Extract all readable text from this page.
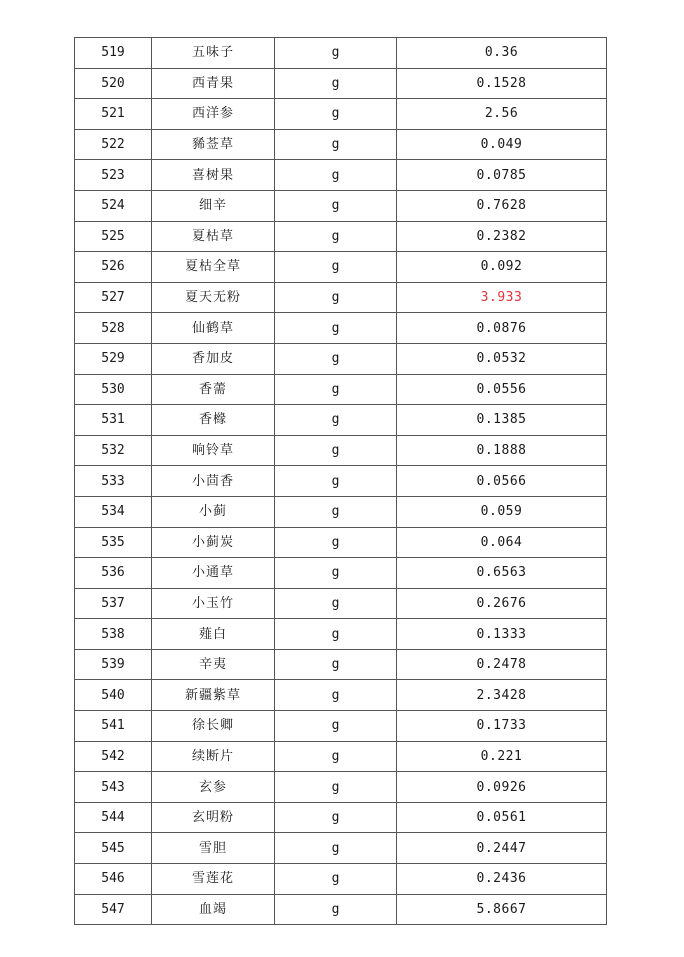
519	五味子	g	0.36
520	西青果	g	0.1528
521	西洋参	g	2.56
522	豨莶草	g	0.049
523	喜树果	g	0.0785
524	细辛	g	0.7628
525	夏枯草	g	0.2382
526	夏枯全草	g	0.092
527	夏天无粉	g	3.933
528	仙鹤草	g	0.0876
529	香加皮	g	0.0532
530	香薷	g	0.0556
531	香橼	g	0.1385
532	响铃草	g	0.1888
533	小茴香	g	0.0566
534	小蓟	g	0.059
535	小蓟炭	g	0.064
536	小通草	g	0.6563
537	小玉竹	g	0.2676
538	薤白	g	0.1333
539	辛夷	g	0.2478
540	新疆紫草	g	2.3428
541	徐长卿	g	0.1733
542	续断片	g	0.221
543	玄参	g	0.0926
544	玄明粉	g	0.0561
545	雪胆	g	0.2447
546	雪莲花	g	0.2436
547	血竭	g	5.8667
